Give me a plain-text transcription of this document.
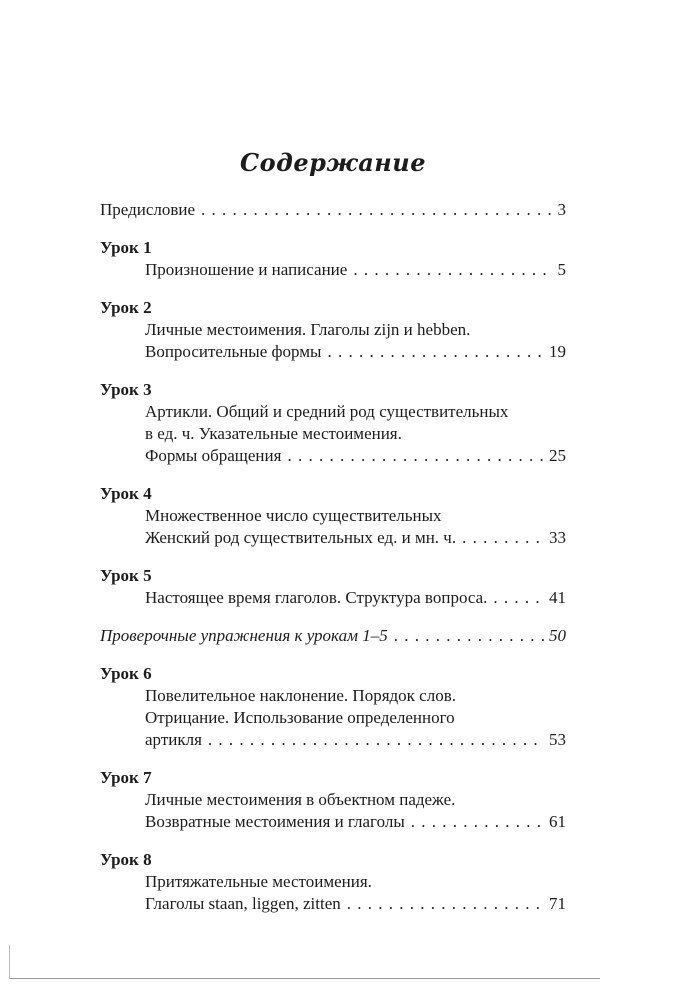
Содержание
Предисловие . . .	3
Урок 1
Произношение и написание . . .	5
Урок 2
Личные местоимения. Глаголы zijn и hebben.
Вопросительные формы . . .	19
Урок 3
Артикли. Общий и средний род существительных
в ед. ч. Указательные местоимения.
Формы обращения . . .	25
Урок 4
Множественное число существительных
Женский род существительных ед. и мн. ч. . . .	33
Урок 5
Настоящее время глаголов. Структура вопроса. . . .	41
Проверочные упражнения к урокам 1–5 . . .	50
Урок 6
Повелительное наклонение. Порядок слов.
Отрицание. Использование определенного
артикля . . .	53
Урок 7
Личные местоимения в объектном падеже.
Возвратные местоимения и глаголы . . .	61
Урок 8
Притяжательные местоимения.
Глаголы staan, liggen, zitten . . .	71
